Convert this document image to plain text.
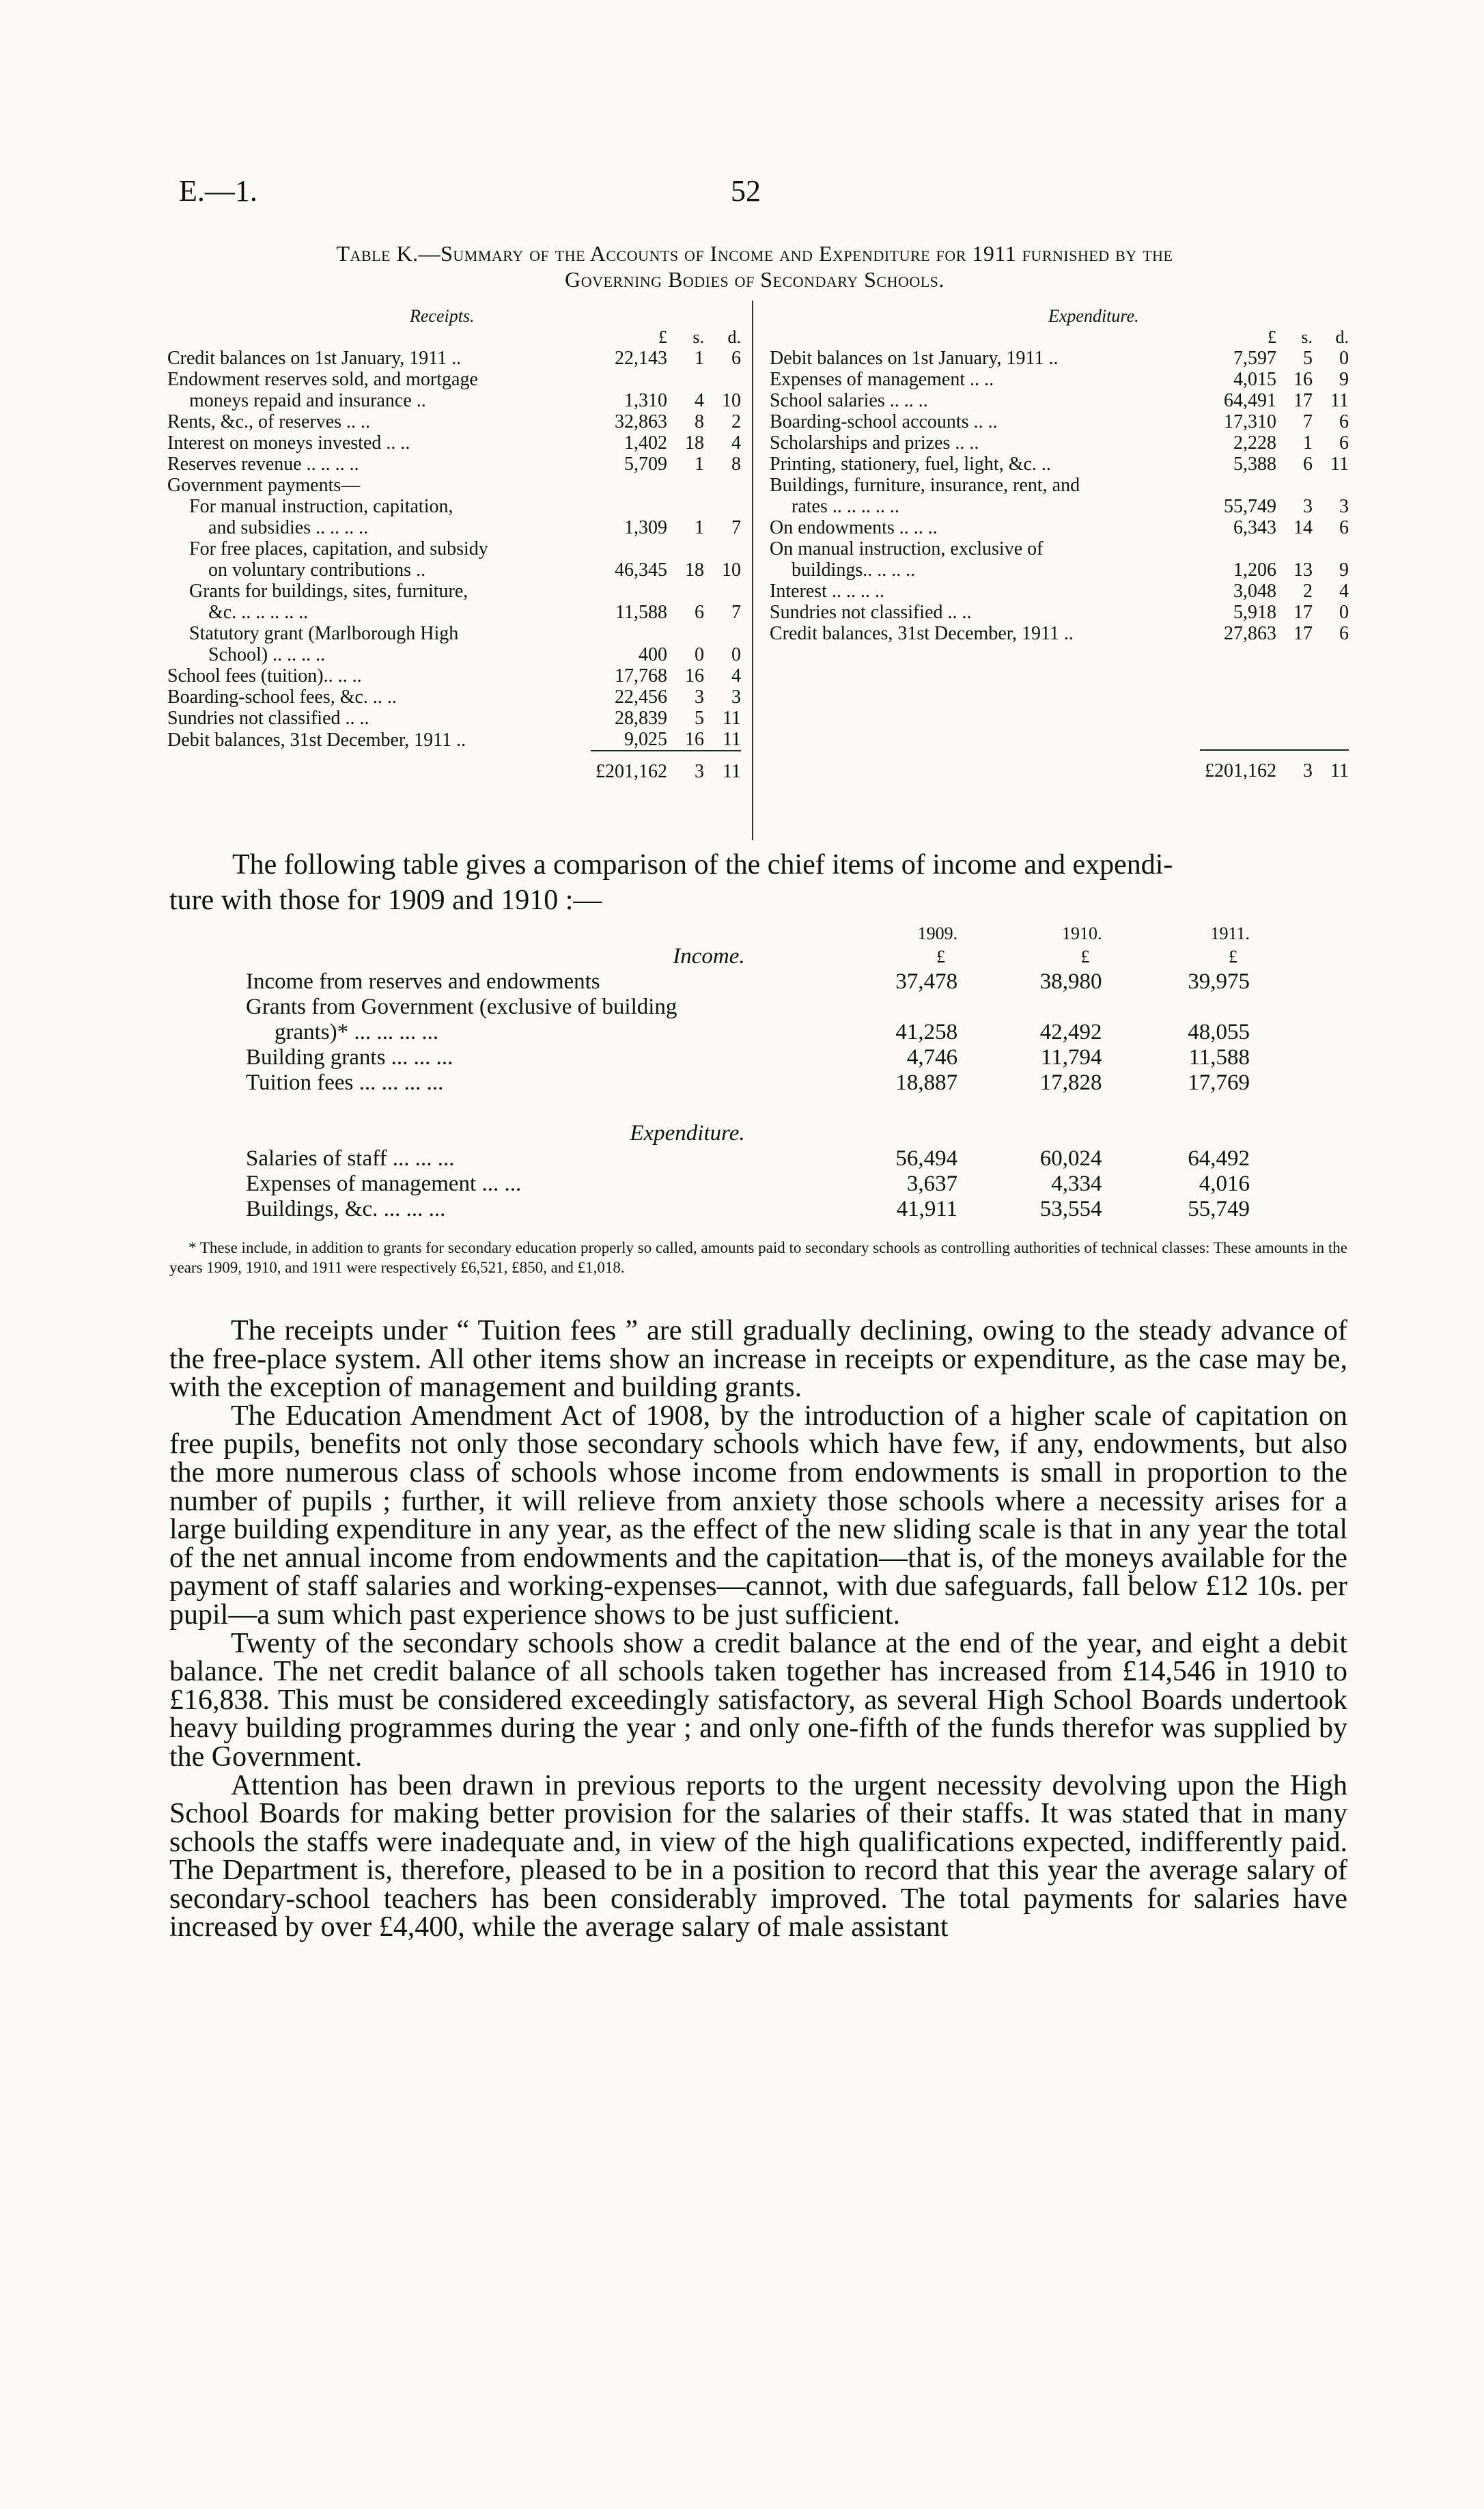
E.—1.	52
Table K.—Summary of the Accounts of Income and Expenditure for 1911 furnished by the
Governing Bodies of Secondary Schools.
Receipts.	Expenditure.
	£	s.	d.
Credit balances on 1st January, 1911 ..	22,143	1	6
Endowment reserves sold, and mortgage			
moneys repaid and insurance ..	1,310	4	10
Rents, &c., of reserves .. ..	32,863	8	2
Interest on moneys invested .. ..	1,402	18	4
Reserves revenue .. .. .. ..	5,709	1	8
Government payments—			
For manual instruction, capitation,			
and subsidies .. .. .. ..	1,309	1	7
For free places, capitation, and subsidy			
on voluntary contributions ..	46,345	18	10
Grants for buildings, sites, furniture,			
&c. .. .. .. .. ..	11,588	6	7
Statutory grant (Marlborough High			
School) .. .. .. ..	400	0	0
School fees (tuition).. .. ..	17,768	16	4
Boarding-school fees, &c. .. ..	22,456	3	3
Sundries not classified .. ..	28,839	5	11
Debit balances, 31st December, 1911 ..	9,025	16	11
	£201,162	3	11
	£	s.	d.
Debit balances on 1st January, 1911 ..	7,597	5	0
Expenses of management .. ..	4,015	16	9
School salaries .. .. ..	64,491	17	11
Boarding-school accounts .. ..	17,310	7	6
Scholarships and prizes .. ..	2,228	1	6
Printing, stationery, fuel, light, &c. ..	5,388	6	11
Buildings, furniture, insurance, rent, and			
rates .. .. .. .. ..	55,749	3	3
On endowments .. .. ..	6,343	14	6
On manual instruction, exclusive of			
buildings.. .. .. ..	1,206	13	9
Interest .. .. .. ..	3,048	2	4
Sundries not classified .. ..	5,918	17	0
Credit balances, 31st December, 1911 ..	27,863	17	6

	£201,162	3	11
The following table gives a comparison of the chief items of income and expendi-
ture with those for 1909 and 1910 :—
	1909.	1910.	1911.
Income.	£	£	£
Income from reserves and endowments	37,478	38,980	39,975
Grants from Government (exclusive of building			
grants)* ... ... ... ...	41,258	42,492	48,055
Building grants ... ... ...	4,746	11,794	11,588
Tuition fees ... ... ... ...	18,887	17,828	17,769

Expenditure.			
Salaries of staff ... ... ...	56,494	60,024	64,492
Expenses of management ... ...	3,637	4,334	4,016
Buildings, &c. ... ... ...	41,911	53,554	55,749
* These include, in addition to grants for secondary education properly so called, amounts paid to secondary schools as controlling authorities of technical classes: These amounts in the years 1909, 1910, and 1911 were respectively £6,521, £850, and £1,018.

The receipts under “ Tuition fees ” are still gradually declining, owing to the steady advance of the free-place system. All other items show an increase in receipts or expenditure, as the case may be, with the exception of management and building grants.

The Education Amendment Act of 1908, by the introduction of a higher scale of capitation on free pupils, benefits not only those secondary schools which have few, if any, endowments, but also the more numerous class of schools whose income from endowments is small in proportion to the number of pupils ; further, it will relieve from anxiety those schools where a necessity arises for a large building expenditure in any year, as the effect of the new sliding scale is that in any year the total of the net annual income from endowments and the capitation—that is, of the moneys available for the payment of staff salaries and working-expenses—cannot, with due safeguards, fall below £12 10s. per pupil—a sum which past experience shows to be just sufficient.

Twenty of the secondary schools show a credit balance at the end of the year, and eight a debit balance. The net credit balance of all schools taken together has increased from £14,546 in 1910 to £16,838. This must be considered exceedingly satisfactory, as several High School Boards undertook heavy building programmes during the year ; and only one-fifth of the funds therefor was supplied by the Government.

Attention has been drawn in previous reports to the urgent necessity devolving upon the High School Boards for making better provision for the salaries of their staffs. It was stated that in many schools the staffs were inadequate and, in view of the high qualifications expected, indifferently paid. The Department is, therefore, pleased to be in a position to record that this year the average salary of secondary-school teachers has been considerably improved. The total payments for salaries have increased by over £4,400, while the average salary of male assistant
